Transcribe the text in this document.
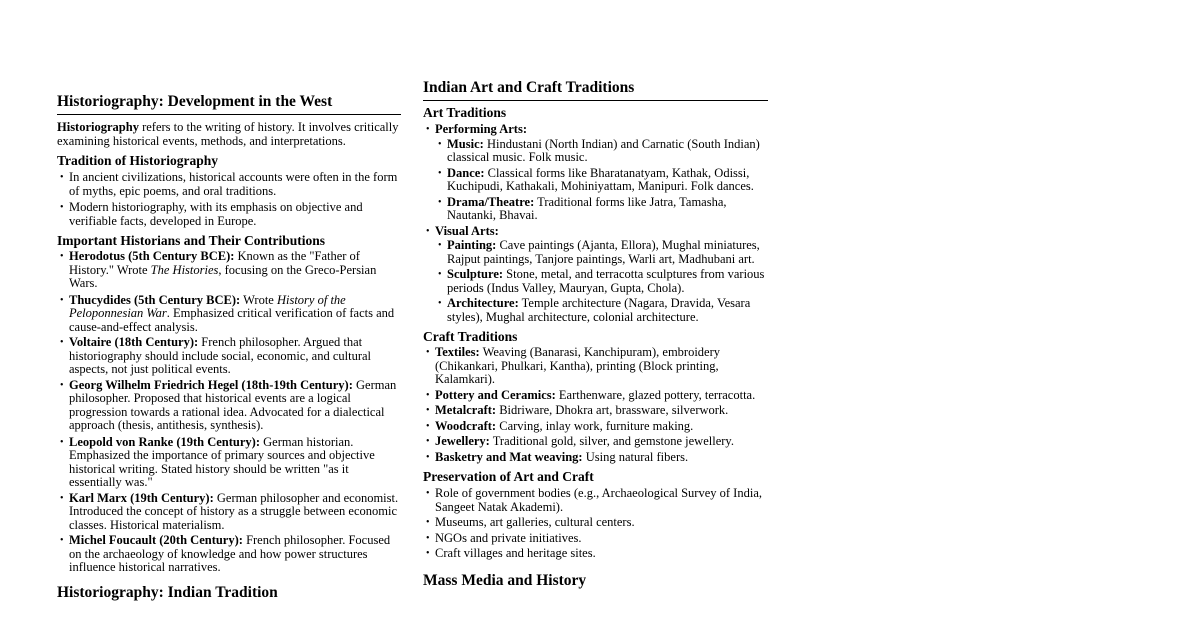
Historiography: Development in the West

Historiography refers to the writing of history. It involves critically examining historical events, methods, and interpretations.

Tradition of Historiography
• In ancient civilizations, historical accounts were often in the form of myths, epic poems, and oral traditions.
• Modern historiography, with its emphasis on objective and verifiable facts, developed in Europe.
Important Historians and Their Contributions
• Herodotus (5th Century BCE): Known as the "Father of History." Wrote The Histories, focusing on the Greco-Persian Wars.
• Thucydides (5th Century BCE): Wrote History of the Peloponnesian War. Emphasized critical verification of facts and cause-and-effect analysis.
• Voltaire (18th Century): French philosopher. Argued that historiography should include social, economic, and cultural aspects, not just political events.
• Georg Wilhelm Friedrich Hegel (18th-19th Century): German philosopher. Proposed that historical events are a logical progression towards a rational idea. Advocated for a dialectical approach (thesis, antithesis, synthesis).
• Leopold von Ranke (19th Century): German historian. Emphasized the importance of primary sources and objective historical writing. Stated history should be written "as it essentially was."
• Karl Marx (19th Century): German philosopher and economist. Introduced the concept of history as a struggle between economic classes. Historical materialism.
• Michel Foucault (20th Century): French philosopher. Focused on the archaeology of knowledge and how power structures influence historical narratives.
Historiography: Indian Tradition
Indian Art and Craft Traditions
Art Traditions
• Performing Arts:
• Music: Hindustani (North Indian) and Carnatic (South Indian) classical music. Folk music.
• Dance: Classical forms like Bharatanatyam, Kathak, Odissi, Kuchipudi, Kathakali, Mohiniyattam, Manipuri. Folk dances.
• Drama/Theatre: Traditional forms like Jatra, Tamasha, Nautanki, Bhavai.
• Visual Arts:
• Painting: Cave paintings (Ajanta, Ellora), Mughal miniatures, Rajput paintings, Tanjore paintings, Warli art, Madhubani art.
• Sculpture: Stone, metal, and terracotta sculptures from various periods (Indus Valley, Mauryan, Gupta, Chola).
• Architecture: Temple architecture (Nagara, Dravida, Vesara styles), Mughal architecture, colonial architecture.
Craft Traditions
• Textiles: Weaving (Banarasi, Kanchipuram), embroidery (Chikankari, Phulkari, Kantha), printing (Block printing, Kalamkari).
• Pottery and Ceramics: Earthenware, glazed pottery, terracotta.
• Metalcraft: Bidriware, Dhokra art, brassware, silverwork.
• Woodcraft: Carving, inlay work, furniture making.
• Jewellery: Traditional gold, silver, and gemstone jewellery.
• Basketry and Mat weaving: Using natural fibers.
Preservation of Art and Craft
• Role of government bodies (e.g., Archaeological Survey of India, Sangeet Natak Akademi).
• Museums, art galleries, cultural centers.
• NGOs and private initiatives.
• Craft villages and heritage sites.
Mass Media and History
